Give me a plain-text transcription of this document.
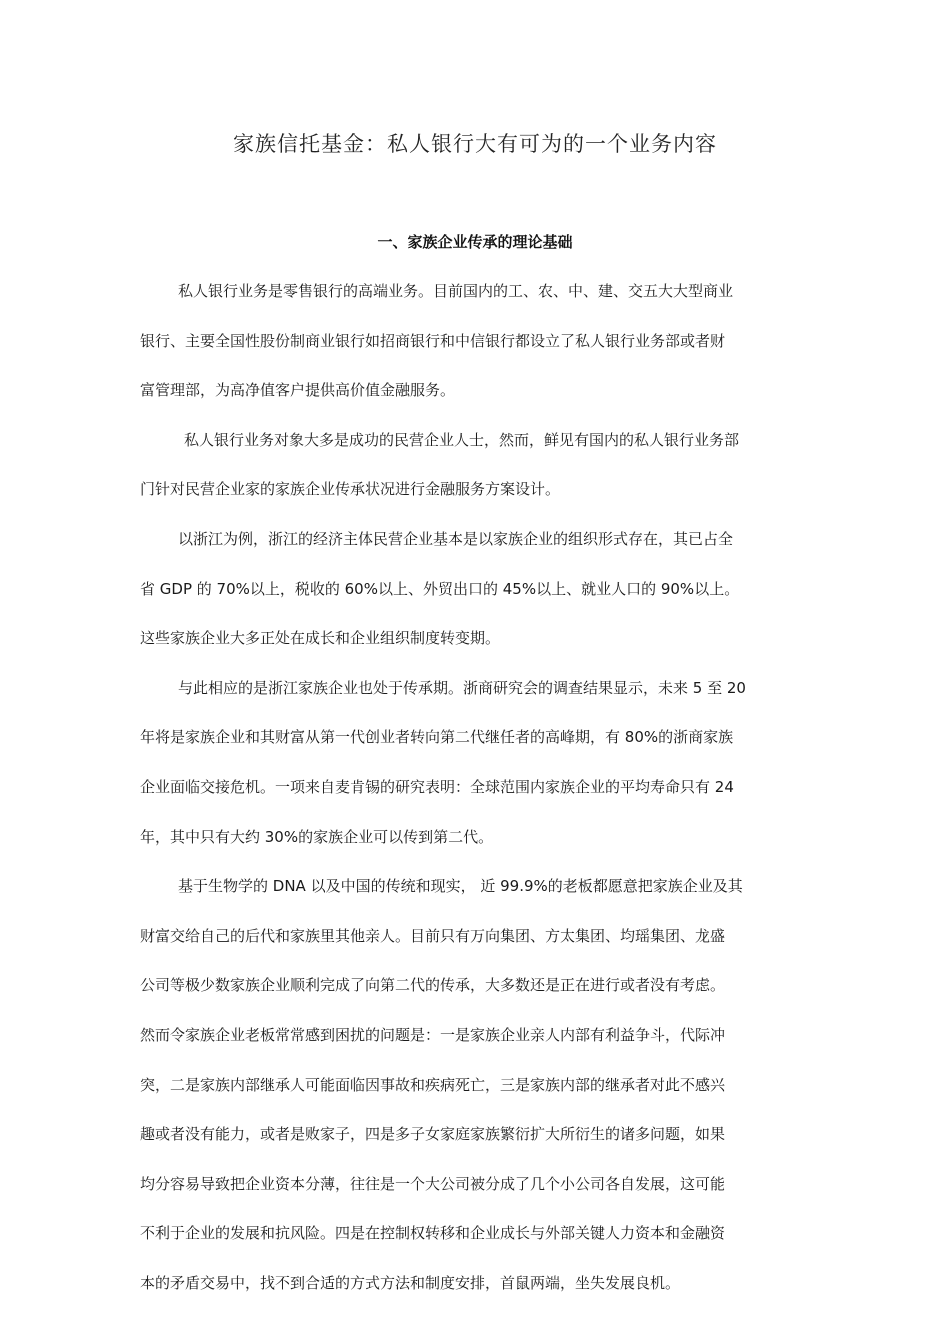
家族信托基金：私人银行大有可为的一个业务内容
一、家族企业传承的理论基础
私人银行业务是零售银行的高端业务。目前国内的工、农、中、建、交五大大型商业
银行、主要全国性股份制商业银行如招商银行和中信银行都设立了私人银行业务部或者财
富管理部，为高净值客户提供高价值金融服务。
私人银行业务对象大多是成功的民营企业人士，然而，鲜见有国内的私人银行业务部
门针对民营企业家的家族企业传承状况进行金融服务方案设计。
以浙江为例，浙江的经济主体民营企业基本是以家族企业的组织形式存在，其已占全
省 GDP 的 70%以上，税收的 60%以上、外贸出口的 45%以上、就业人口的 90%以上。
这些家族企业大多正处在成长和企业组织制度转变期。
与此相应的是浙江家族企业也处于传承期。浙商研究会的调查结果显示，未来 5 至 20
年将是家族企业和其财富从第一代创业者转向第二代继任者的高峰期，有 80%的浙商家族
企业面临交接危机。一项来自麦肯锡的研究表明：全球范围内家族企业的平均寿命只有 24
年，其中只有大约 30%的家族企业可以传到第二代。
基于生物学的 DNA 以及中国的传统和现实， 近 99.9%的老板都愿意把家族企业及其
财富交给自己的后代和家族里其他亲人。目前只有万向集团、方太集团、均瑶集团、龙盛
公司等极少数家族企业顺利完成了向第二代的传承，大多数还是正在进行或者没有考虑。
然而令家族企业老板常常感到困扰的问题是：一是家族企业亲人内部有利益争斗，代际冲
突，二是家族内部继承人可能面临因事故和疾病死亡，三是家族内部的继承者对此不感兴
趣或者没有能力，或者是败家子，四是多子女家庭家族繁衍扩大所衍生的诸多问题，如果
均分容易导致把企业资本分薄，往往是一个大公司被分成了几个小公司各自发展，这可能
不利于企业的发展和抗风险。四是在控制权转移和企业成长与外部关键人力资本和金融资
本的矛盾交易中，找不到合适的方式方法和制度安排，首鼠两端，坐失发展良机。
